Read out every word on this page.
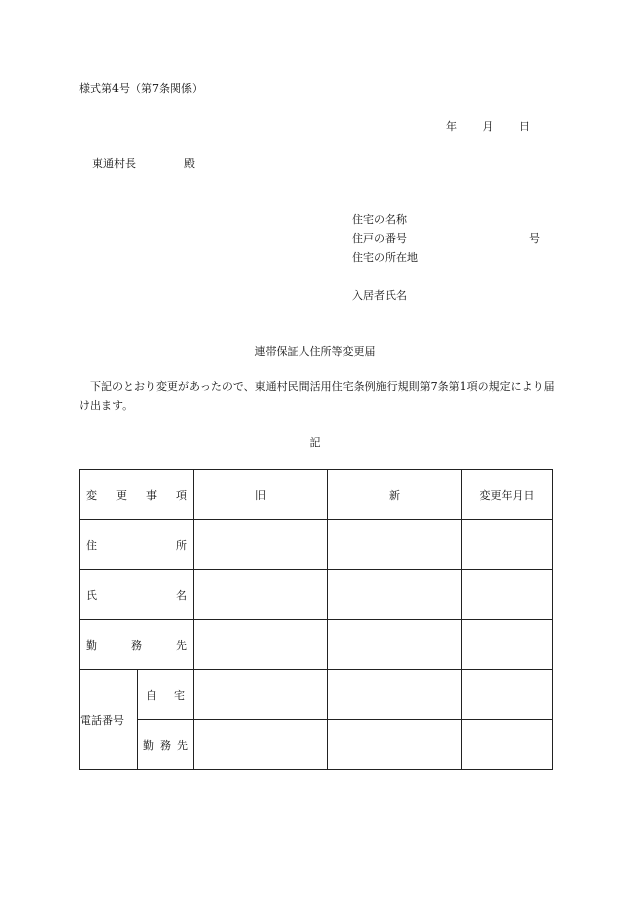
様式第4号（第7条関係）
年 月 日
東通村長	殿
住宅の名称
住戸の番号	号
住宅の所在地
入居者氏名
連帯保証人住所等変更届
下記のとおり変更があったので、東通村民間活用住宅条例施行規則第7条第1項の規定により届け出ます。
記
変 更 事 項		旧	新	変更年月日

住 所				

氏 名				

勤 務 先				

電話番号	自 宅			

	勤 務 先			
